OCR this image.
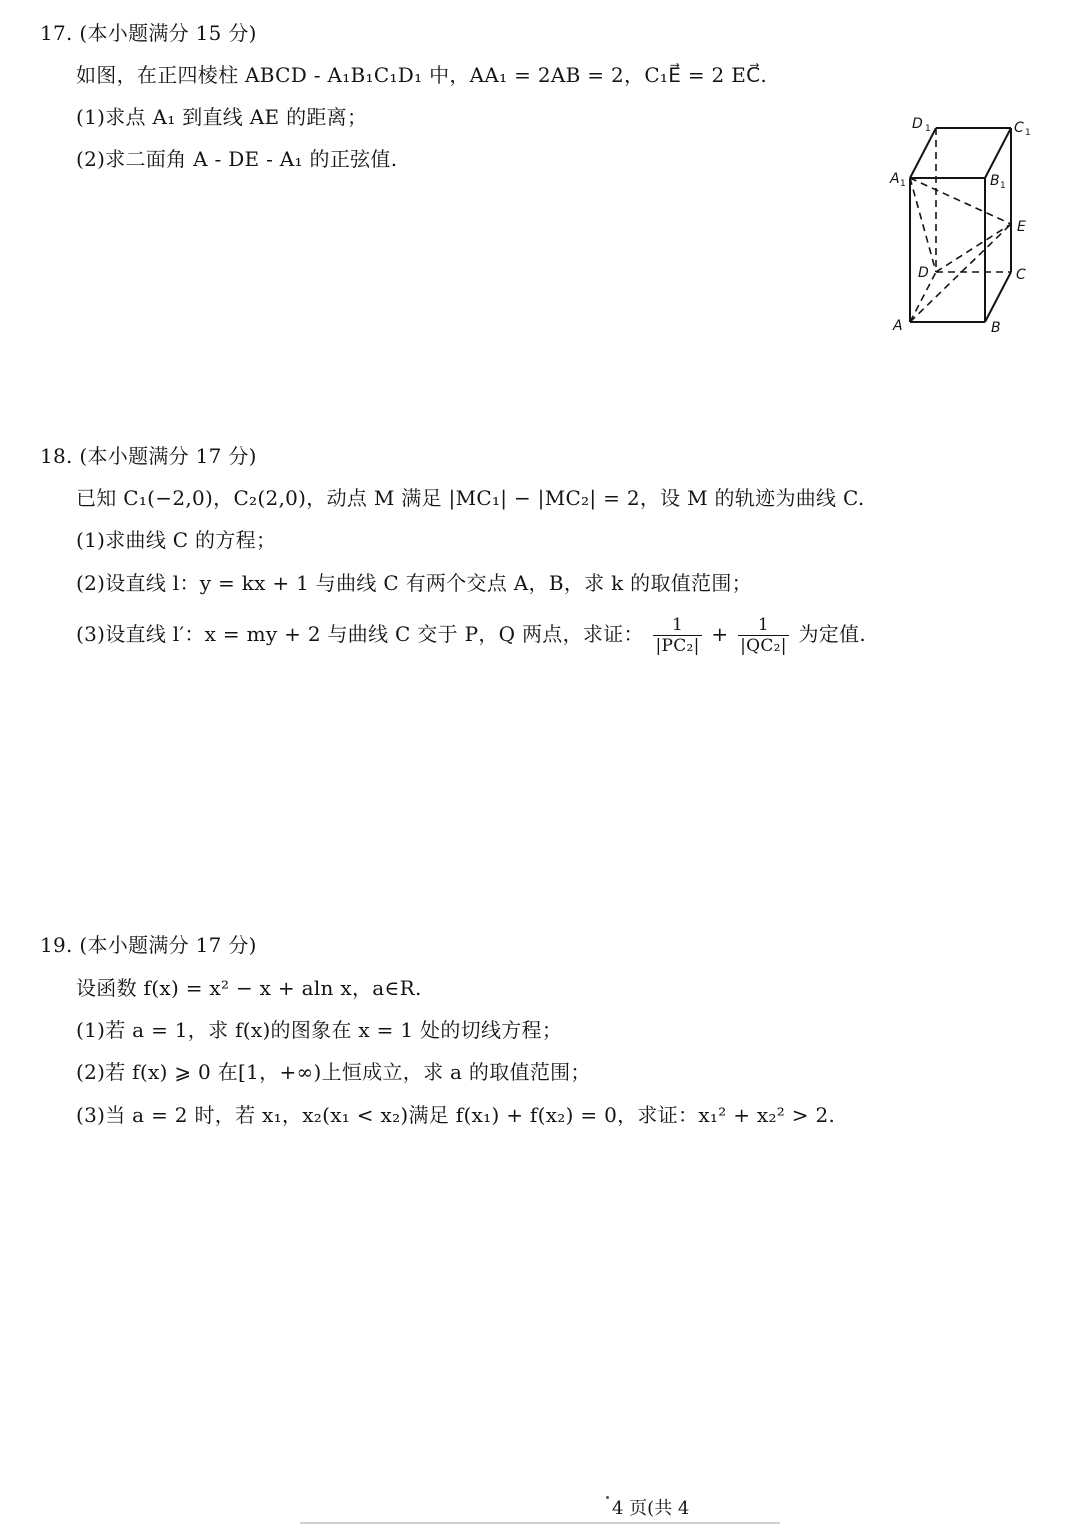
17. (本小题满分 15 分)
如图，在正四棱柱 ABCD - A₁B₁C₁D₁ 中，AA₁ = 2AB = 2，C₁E⃗ = 2 EC⃗.
(1)求点 A₁ 到直线 AE 的距离；
(2)求二面角 A - DE - A₁ 的正弦值.
D 1	C 1
A 1	B 1
E
D	C
A	B
18. (本小题满分 17 分)
已知 C₁(−2,0)，C₂(2,0)，动点 M 满足 |MC₁| − |MC₂| = 2，设 M 的轨迹为曲线 C.
(1)求曲线 C 的方程；
(2)设直线 l：y = kx + 1 与曲线 C 有两个交点 A，B，求 k 的取值范围；
(3)设直线 l′：x = my + 2 与曲线 C 交于 P，Q 两点，求证： $\frac{1}{\text{|PC₂|}} + \frac{1}{\text{|QC₂|}}$ 为定值.
19. (本小题满分 17 分)
设函数 f(x) = x² − x + aln x，a∈R.
(1)若 a = 1，求 f(x)的图象在 x = 1 处的切线方程；
(2)若 f(x) ⩾ 0 在[1，+∞)上恒成立，求 a 的取值范围；
(3)当 a = 2 时，若 x₁，x₂(x₁ < x₂)满足 f(x₁) + f(x₂) = 0，求证：x₁² + x₂² > 2.
4 页(共 4
